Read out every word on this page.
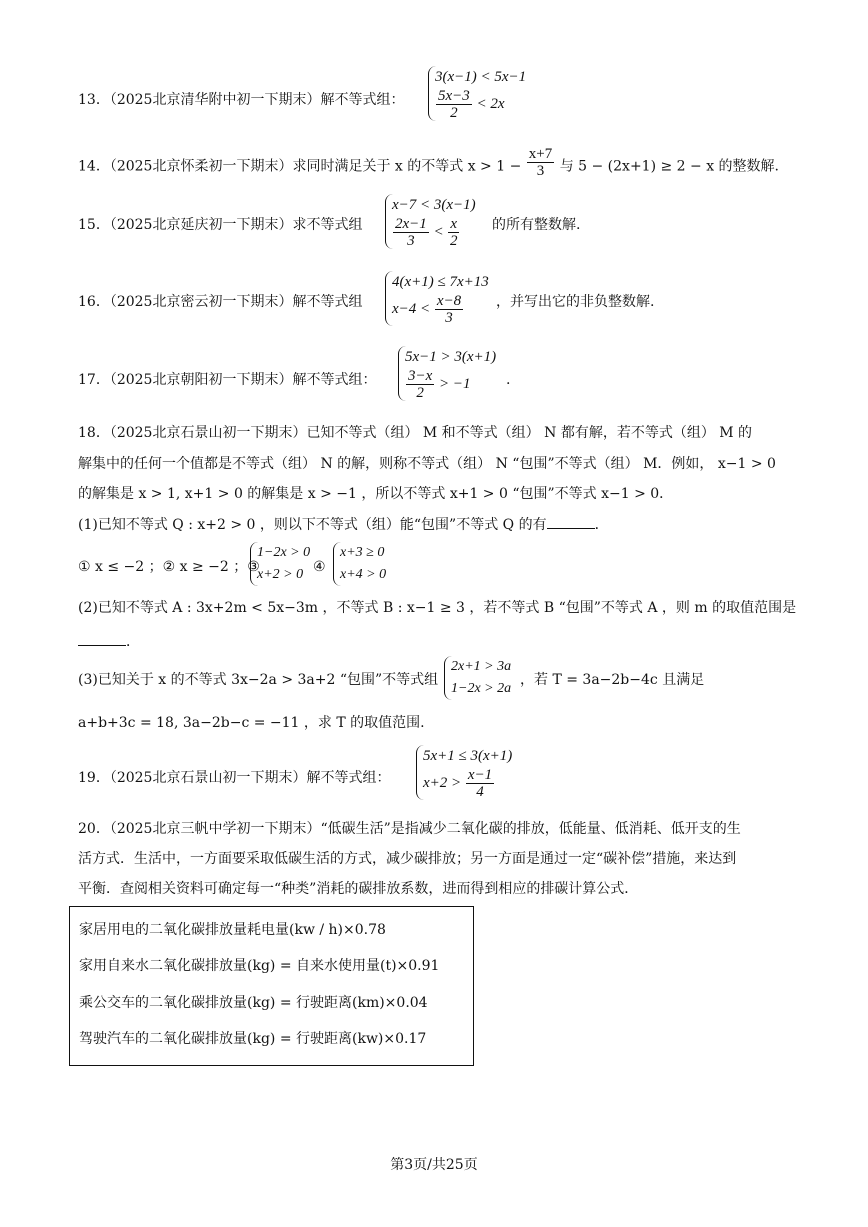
13．（2025北京清华附中初一下期末）解不等式组：
3(x−1) < 5x−1
$\frac{5x-3}{2} < 2x$
14．（2025北京怀柔初一下期末）求同时满足关于 x 的不等式 $x > 1 - \frac{x+7}{3}$ 与 5 − (2x+1) ≥ 2 − x 的整数解.
15．（2025北京延庆初一下期末）求不等式组
x−7 < 3(x−1)
$\frac{2x-1}{3} < \frac{x}{2}$ 的所有整数解.
16．（2025北京密云初一下期末）解不等式组
4(x+1) ≤ 7x+13
$x-4 < \frac{x-8}{3}$ ，并写出它的非负整数解.
17．（2025北京朝阳初一下期末）解不等式组：
5x−1 > 3(x+1)
$\frac{3-x}{2} > -1$	.
18．（2025北京石景山初一下期末）已知不等式（组） M 和不等式（组） N 都有解，若不等式（组） M 的
解集中的任何一个值都是不等式（组） N 的解，则称不等式（组） N “包围”不等式（组） M．例如， x−1 > 0
的解集是 x > 1, x+1 > 0 的解集是 x > −1 ，所以不等式 x+1 > 0 “包围”不等式 x−1 > 0．
(1)已知不等式 Q : x+2 > 0 ，则以下不等式（组）能“包围”不等式 Q 的有	．
① x ≤ −2 ；② x ≥ −2 ；③
1−2x > 0
x+2 > 0 ④
x+3 ≥ 0
x+4 > 0
(2)已知不等式 A : 3x+2m < 5x−3m ，不等式 B : x−1 ≥ 3 ，若不等式 B “包围”不等式 A ，则 m 的取值范围是
．
(3)已知关于 x 的不等式 3x−2a > 3a+2 “包围”不等式组
2x+1 > 3a
1−2x > 2a
，若 T = 3a−2b−4c 且满足
a+b+3c = 18, 3a−2b−c = −11 ，求 T 的取值范围.
19．（2025北京石景山初一下期末）解不等式组：
5x+1 ≤ 3(x+1)
$x+2 > \frac{x-1}{4}$
20．（2025北京三帆中学初一下期末）“低碳生活”是指减少二氧化碳的排放，低能量、低消耗、低开支的生
活方式．生活中，一方面要采取低碳生活的方式，减少碳排放；另一方面是通过一定“碳补偿”措施，来达到
平衡．查阅相关资料可确定每一“种类”消耗的碳排放系数，进而得到相应的排碳计算公式．
家居用电的二氧化碳排放量耗电量(kw / h)×0.78
家用自来水二氧化碳排放量(kg) = 自来水使用量(t)×0.91
乘公交车的二氧化碳排放量(kg) = 行驶距离(km)×0.04
驾驶汽车的二氧化碳排放量(kg) = 行驶距离(kw)×0.17
第3页/共25页
